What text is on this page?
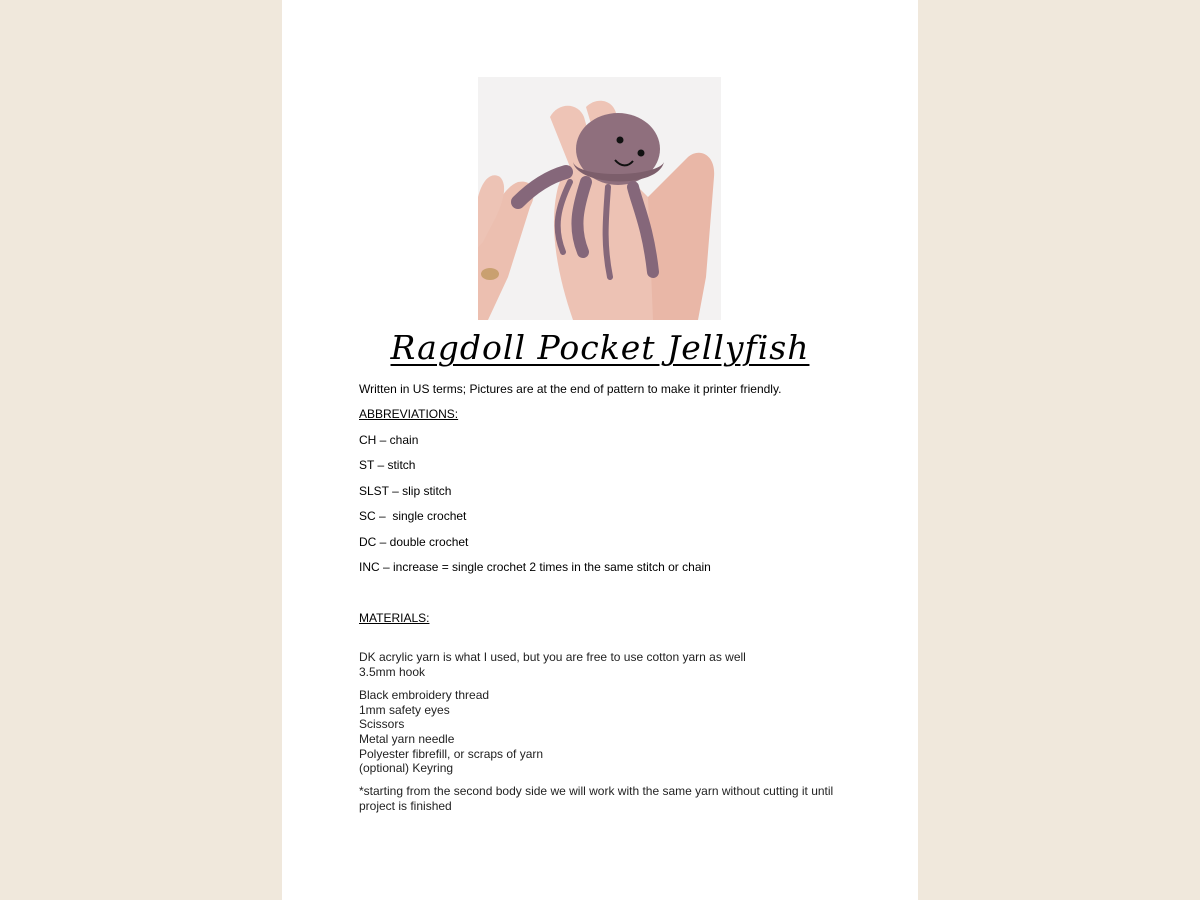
Ragdoll Pocket Jellyfish
Written in US terms; Pictures are at the end of pattern to make it printer friendly.
ABBREVIATIONS:
CH – chain
ST – stitch
SLST – slip stitch
SC –  single crochet
DC – double crochet
INC – increase = single crochet 2 times in the same stitch or chain
MATERIALS:
DK acrylic yarn is what I used, but you are free to use cotton yarn as well
3.5mm hook
Black embroidery thread
1mm safety eyes
Scissors
Metal yarn needle
Polyester fibrefill, or scraps of yarn
(optional) Keyring
*starting from the second body side we will work with the same yarn without cutting it until
project is finished
